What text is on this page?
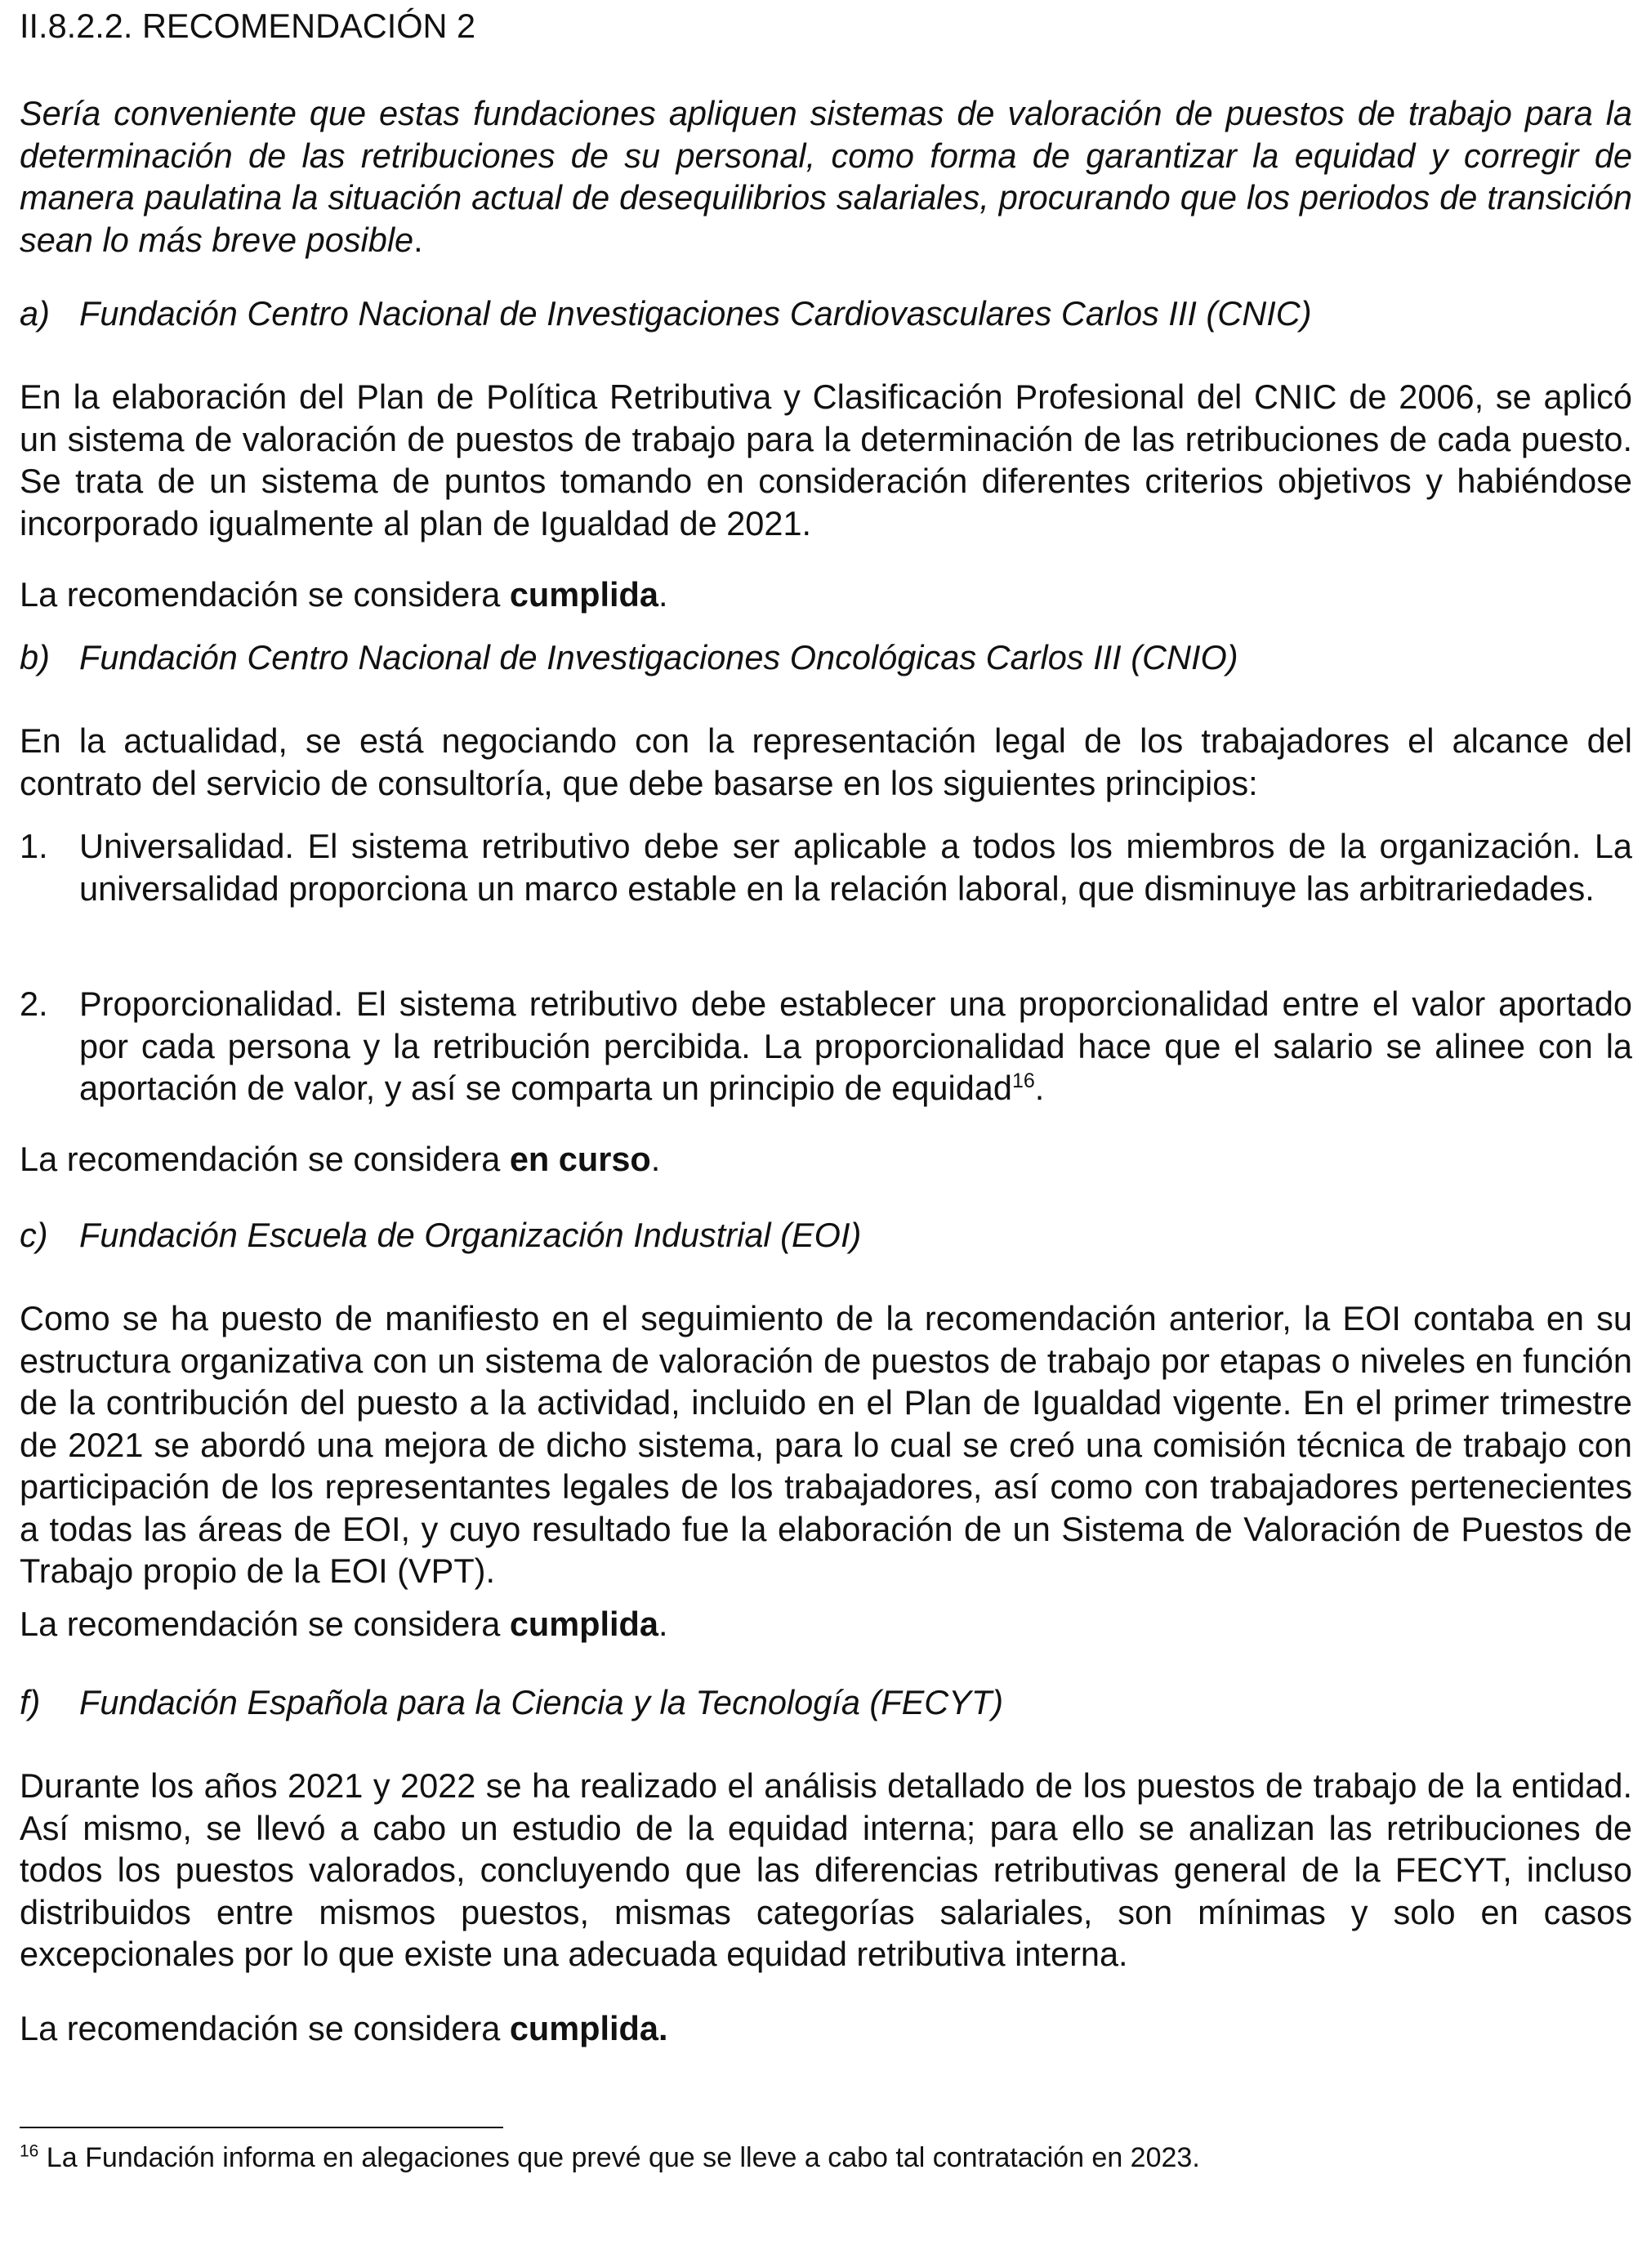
II.8.2.2. RECOMENDACIÓN 2

Sería conveniente que estas fundaciones apliquen sistemas de valoración de puestos de trabajo para la determinación de las retribuciones de su personal, como forma de garantizar la equidad y corregir de manera paulatina la situación actual de desequilibrios salariales, procurando que los periodos de transición sean lo más breve posible.

a) Fundación Centro Nacional de Investigaciones Cardiovasculares Carlos III (CNIC)

En la elaboración del Plan de Política Retributiva y Clasificación Profesional del CNIC de 2006, se aplicó un sistema de valoración de puestos de trabajo para la determinación de las retribuciones de cada puesto. Se trata de un sistema de puntos tomando en consideración diferentes criterios objetivos y habiéndose incorporado igualmente al plan de Igualdad de 2021.

La recomendación se considera cumplida.

b) Fundación Centro Nacional de Investigaciones Oncológicas Carlos III (CNIO)

En la actualidad, se está negociando con la representación legal de los trabajadores el alcance del contrato del servicio de consultoría, que debe basarse en los siguientes principios:

1. Universalidad. El sistema retributivo debe ser aplicable a todos los miembros de la organización. La universalidad proporciona un marco estable en la relación laboral, que disminuye las arbitrariedades.

2. Proporcionalidad. El sistema retributivo debe establecer una proporcionalidad entre el valor aportado por cada persona y la retribución percibida. La proporcionalidad hace que el salario se alinee con la aportación de valor, y así se comparta un principio de equidad$^{16}$.

La recomendación se considera en curso.

c) Fundación Escuela de Organización Industrial (EOI)

Como se ha puesto de manifiesto en el seguimiento de la recomendación anterior, la EOI contaba en su estructura organizativa con un sistema de valoración de puestos de trabajo por etapas o niveles en función de la contribución del puesto a la actividad, incluido en el Plan de Igualdad vigente. En el primer trimestre de 2021 se abordó una mejora de dicho sistema, para lo cual se creó una comisión técnica de trabajo con participación de los representantes legales de los trabajadores, así como con trabajadores pertenecientes a todas las áreas de EOI, y cuyo resultado fue la elaboración de un Sistema de Valoración de Puestos de Trabajo propio de la EOI (VPT).

La recomendación se considera cumplida.

f) Fundación Española para la Ciencia y la Tecnología (FECYT)

Durante los años 2021 y 2022 se ha realizado el análisis detallado de los puestos de trabajo de la entidad. Así mismo, se llevó a cabo un estudio de la equidad interna; para ello se analizan las retribuciones de todos los puestos valorados, concluyendo que las diferencias retributivas general de la FECYT, incluso distribuidos entre mismos puestos, mismas categorías salariales, son mínimas y solo en casos excepcionales por lo que existe una adecuada equidad retributiva interna.

La recomendación se considera cumplida.

$^{16}$ La Fundación informa en alegaciones que prevé que se lleve a cabo tal contratación en 2023.
